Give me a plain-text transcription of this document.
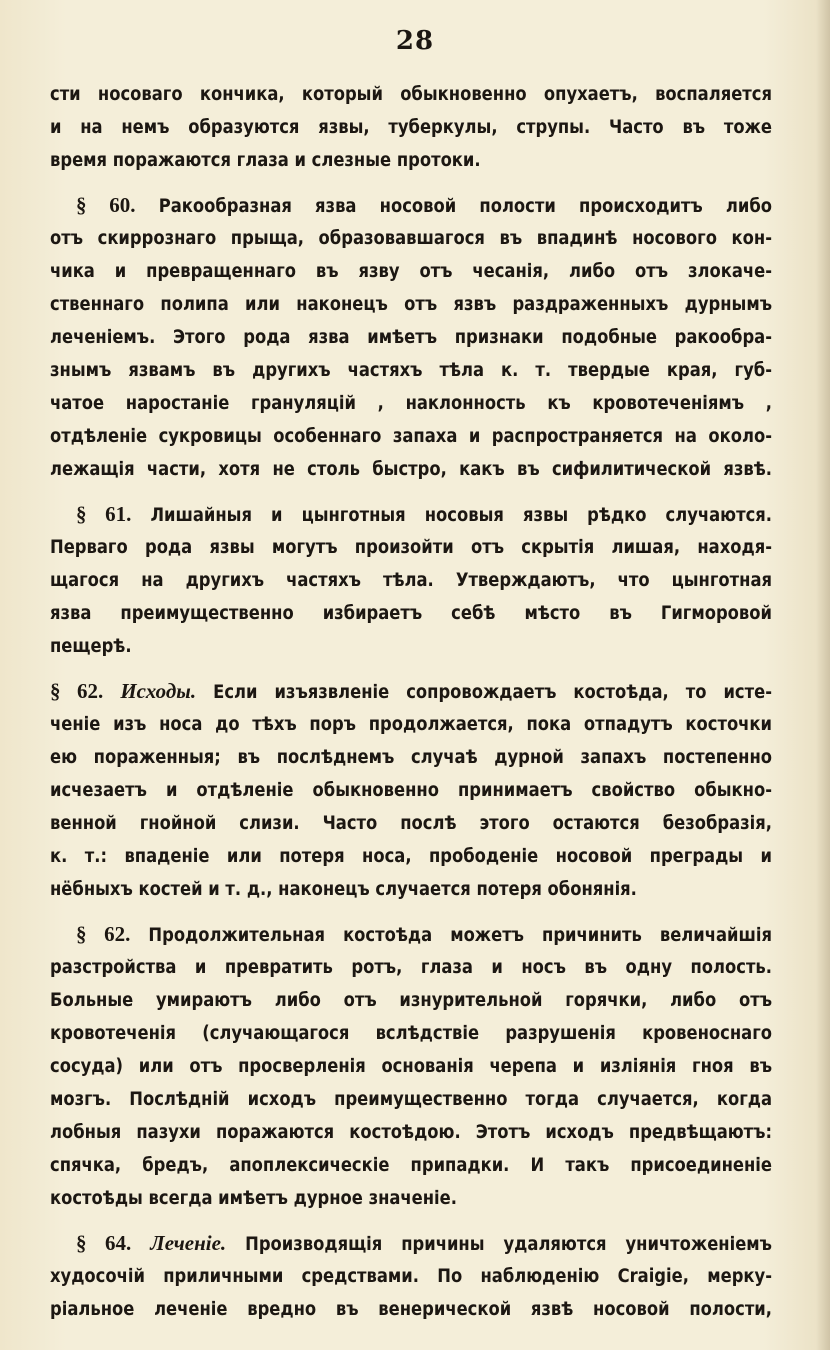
28
сти носоваго кончика, который обыкновенно опухаетъ, воспаляется
и на немъ образуются язвы, туберкулы, струпы. Часто въ тоже
время поражаются глаза и слезные протоки.
§ 60. Ракообразная язва носовой полости происходитъ либо
отъ скиррознаго прыща, образовавшагося въ впадинѣ носового кон-
чика и превращеннаго въ язву отъ чесанія, либо отъ злокаче-
ственнаго полипа или наконецъ отъ язвъ раздраженныхъ дурнымъ
леченіемъ. Этого рода язва имѣетъ признаки подобные ракообра-
знымъ язвамъ въ другихъ частяхъ тѣла к. т. твердые края, губ-
чатое наростаніе грануляцій , наклонность къ кровотеченіямъ ,
отдѣленіе сукровицы особеннаго запаха и распространяется на около-
лежащія части, хотя не столь быстро, какъ въ сифилитической язвѣ.
§ 61. Лишайныя и цынготныя носовыя язвы рѣдко случаются.
Перваго рода язвы могутъ произойти отъ скрытія лишая, находя-
щагося на другихъ частяхъ тѣла. Утверждаютъ, что цынготная
язва преимущественно избираетъ себѣ мѣсто въ Гигморовой
пещерѣ.
§ 62. Исходы. Если изъязвленіе сопровождаетъ костоѣда, то истe-
ченіе изъ носа до тѣхъ поръ продолжается, пока отпадутъ косточки
ею пораженныя; въ послѣднемъ случаѣ дурной запахъ постепенно
исчезаетъ и отдѣленіе обыкновенно принимаетъ свойство обыкно-
венной гнойной слизи. Часто послѣ этого остаются безобразія,
к. т.: впаденіе или потеря носа, прободеніе носовой преграды и
нёбныхъ костей и т. д., наконецъ случается потеря обонянія.
§ 62. Продолжительная костоѣда можетъ причинить величайшія
разстройства и превратить ротъ, глаза и носъ въ одну полость.
Больные умираютъ либо отъ изнурительной горячки, либо отъ
кровотеченія (случающагося вслѣдствіе разрушенія кровеноснаго
сосуда) или отъ просверленія основанія черепа и изліянія гноя въ
мозгъ. Послѣдній исходъ преимущественно тогда случается, когда
лобныя пазухи поражаются костоѣдою. Этотъ исходъ предвѣщаютъ:
спячка, бредъ, апоплексическіе припадки. И такъ присоединеніе
костоѣды всегда имѣетъ дурное значеніе.
§ 64. Леченіе. Производящія причины удаляются уничтоженіемъ
худосочій приличными средствами. По наблюденію Craigie, мерку-
ріальное леченіе вредно въ венерической язвѣ носовой полости,
